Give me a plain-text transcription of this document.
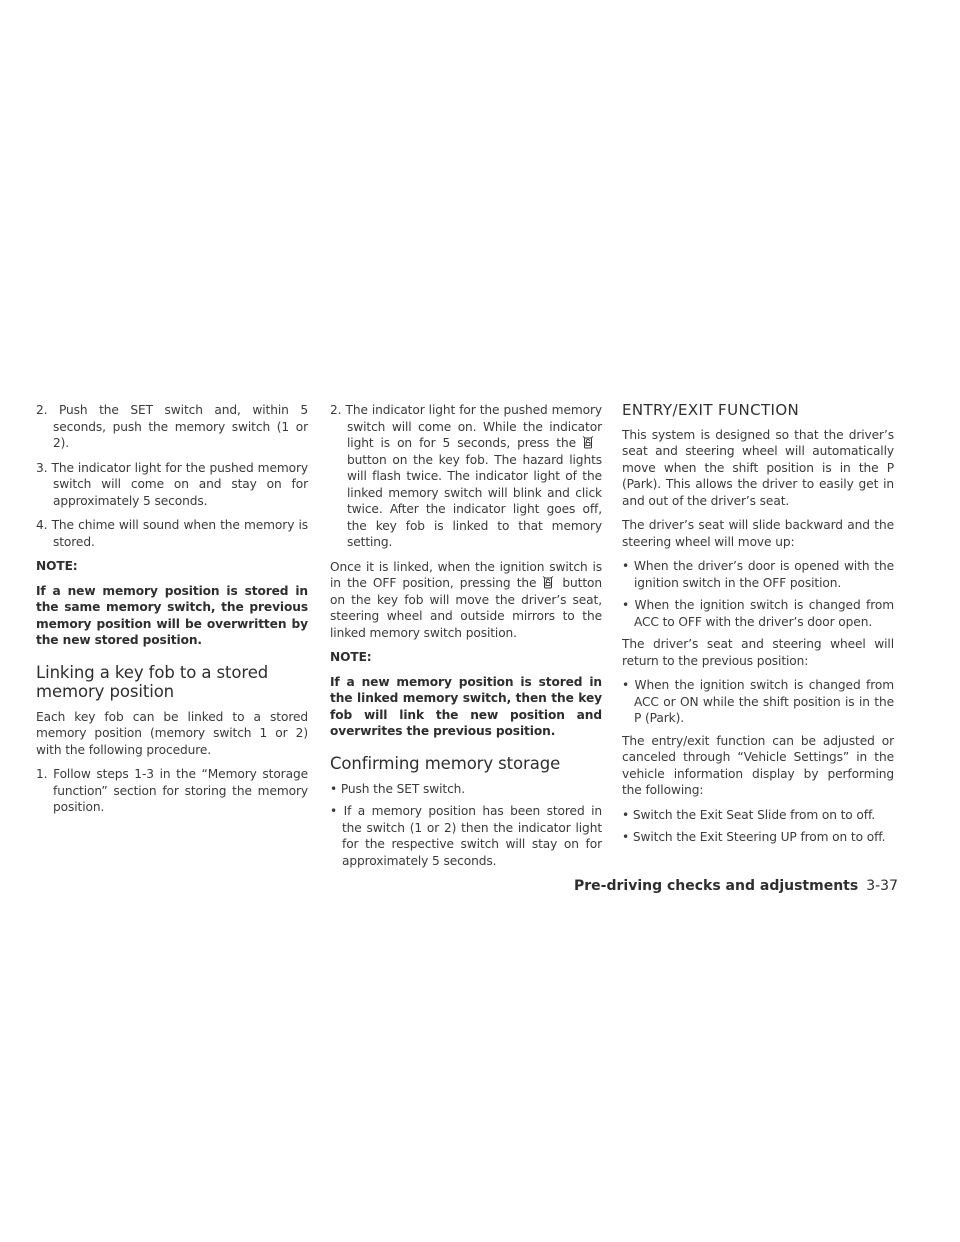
2. Push the SET switch and, within 5 seconds, push the memory switch (1 or 2).

3. The indicator light for the pushed memory switch will come on and stay on for approximately 5 seconds.

4. The chime will sound when the memory is stored.

NOTE:

If a new memory position is stored in the same memory switch, the previous memory position will be overwritten by the new stored position.

Linking a key fob to a stored memory position

Each key fob can be linked to a stored memory position (memory switch 1 or 2) with the following procedure.

1. Follow steps 1-3 in the “Memory storage function” section for storing the memory position.

2. The indicator light for the pushed memory switch will come on. While the indicator light is on for 5 seconds, press the
button on the key fob. The hazard lights will flash twice. The indicator light of the linked memory switch will blink and click twice. After the indicator light goes off, the key fob is linked to that memory setting.

Once it is linked, when the ignition switch is in the OFF position, pressing the button on the key fob will move the driver’s seat, steering wheel and outside mirrors to the linked memory switch position.

NOTE:

If a new memory position is stored in the linked memory switch, then the key fob will link the new position and overwrites the previous position.

Confirming memory storage

• Push the SET switch.

• If a memory position has been stored in the switch (1 or 2) then the indicator light for the respective switch will stay on for approximately 5 seconds.

ENTRY/EXIT FUNCTION

This system is designed so that the driver’s seat and steering wheel will automatically move when the shift position is in the P (Park). This allows the driver to easily get in and out of the driver’s seat.

The driver’s seat will slide backward and the steering wheel will move up:

• When the driver’s door is opened with the ignition switch in the OFF position.

• When the ignition switch is changed from ACC to OFF with the driver’s door open.

The driver’s seat and steering wheel will return to the previous position:

• When the ignition switch is changed from ACC or ON while the shift position is in the P (Park).

The entry/exit function can be adjusted or canceled through “Vehicle Settings” in the vehicle information display by performing the following:

• Switch the Exit Seat Slide from on to off.

• Switch the Exit Steering UP from on to off.

Pre-driving checks and adjustments 3-37
